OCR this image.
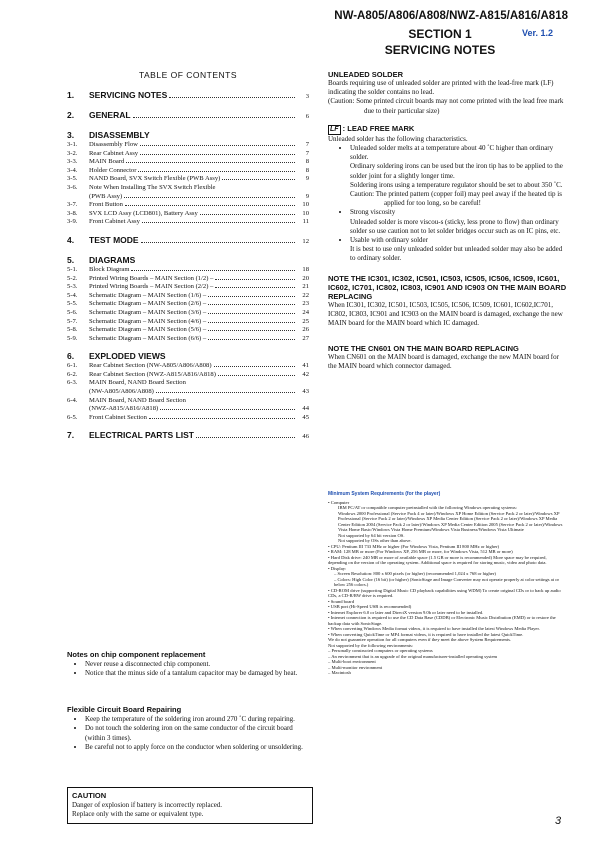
NW-A805/A806/A808/NWZ-A815/A816/A818
SECTION 1	Ver. 1.2
SERVICING NOTES
TABLE OF CONTENTS
1.	SERVICING NOTES	3
2.	GENERAL	6
3.	DISASSEMBLY
3-1.	Disassembly Flow	7
3-2.	Rear Cabinet Assy	7
3-3.	MAIN Board	8
3-4.	Holder Connector	8
3-5.	NAND Board, SVX Switch Flexible (PWB Assy)	9
3-6.	Note When Installing The SVX Switch Flexible
(PWB Assy)	9
3-7.	Front Button	10
3-8.	SVX LCD Assy (LCD801), Battery Assy	10
3-9.	Front Cabinet Assy	11
4.	TEST MODE	12
5.	DIAGRAMS
5-1.	Block Diagram	18
5-2.	Printed Wiring Boards – MAIN Section (1/2) –	20
5-3.	Printed Wiring Boards – MAIN Section (2/2) –	21
5-4.	Schematic Diagram – MAIN Section (1/6) –	22
5-5.	Schematic Diagram – MAIN Section (2/6) –	23
5-6.	Schematic Diagram – MAIN Section (3/6) –	24
5-7.	Schematic Diagram – MAIN Section (4/6) –	25
5-8.	Schematic Diagram – MAIN Section (5/6) –	26
5-9.	Schematic Diagram – MAIN Section (6/6) –	27
6.	EXPLODED VIEWS
6-1.	Rear Cabinet Section (NW-A805/A806/A808)	41
6-2.	Rear Cabinet Section (NWZ-A815/A816/A818)	42
6-3.	MAIN Board, NAND Board Section
(NW-A805/A806/A808)	43
6-4.	MAIN Board, NAND Board Section
(NWZ-A815/A816/A818)	44
6-5.	Front Cabinet Section	45
7.	ELECTRICAL PARTS LIST	46
Notes on chip component replacement
• Never reuse a disconnected chip component.
• Notice that the minus side of a tantalum capacitor may be damaged by heat.
Flexible Circuit Board Repairing
• Keep the temperature of the soldering iron around 270 ˚C during repairing.
• Do not touch the soldering iron on the same conductor of the circuit board (within 3 times).
• Be careful not to apply force on the conductor when soldering or unsoldering.
CAUTION
Danger of explosion if battery is incorrectly replaced.
Replace only with the same or equivalent type.
UNLEADED SOLDER

Boards requiring use of unleaded solder are printed with the lead-free mark (LF) indicating the solder contains no lead.

(Caution: Some printed circuit boards may not come printed with the lead free mark due to their particular size)

LF : LEAD FREE MARK

Unleaded solder has the following characteristics.

• Unleaded solder melts at a temperature about 40 ˚C higher than ordinary solder.
Ordinary soldering irons can be used but the iron tip has to be applied to the solder joint for a slightly longer time.
Soldering irons using a temperature regulator should be set to about 350 ˚C.
Caution: The printed pattern (copper foil) may peel away if the heated tip is applied for too long, so be careful!
• Strong viscosity
Unleaded solder is more viscou-s (sticky, less prone to flow) than ordinary solder so use caution not to let solder bridges occur such as on IC pins, etc.
• Usable with ordinary solder
It is best to use only unleaded solder but unleaded solder may also be added to ordinary solder.
NOTE THE IC301, IC302, IC501, IC503, IC505, IC506, IC509, IC601, IC602, IC701, IC802, IC803, IC901 AND IC903 ON THE MAIN BOARD REPLACING

When IC301, IC302, IC501, IC503, IC505, IC506, IC509, IC601, IC602,IC701, IC802, IC803, IC901 and IC903 on the MAIN board is damaged, exchange the new MAIN board for the MAIN board which IC damaged.

NOTE THE CN601 ON THE MAIN BOARD REPLACING

When CN601 on the MAIN board is damaged, exchange the new MAIN board for the MAIN board which connector damaged.

Minimum System Requirements (for the player)
• Computer
IBM PC/AT or compatible computer preinstalled with the following Windows operating systems:
Windows 2000 Professional (Service Pack 4 or later)/Windows XP Home Edition (Service Pack 2 or later)/Windows XP Professional (Service Pack 2 or later)/Windows XP Media Center Edition (Service Pack 2 or later)/Windows XP Media Center Edition 2004 (Service Pack 2 or later)/Windows XP Media Center Edition 2005 (Service Pack 2 or later)/Windows Vista Home Basic/Windows Vista Home Premium/Windows Vista Business/Windows Vista Ultimate
Not supported by 64 bit version OS.
Not supported by OSs other than above.
• CPU: Pentium III 733 MHz or higher (For Windows Vista, Pentium III 800 MHz or higher)
• RAM: 128 MB or more (For Windows XP, 256 MB or more, for Windows Vista, 512 MB or more)
• Hard Disk drive: 240 MB or more of available space (1.5 GB or more is recommended) More space may be required, depending on the version of the operating system. Additional space is required for storing music, video and photo data.
• Display:
– Screen Resolution: 800 x 600 pixels (or higher) (recommended 1,024 x 768 or higher)
– Colors: High Color (16 bit) (or higher) (SonicStage and Image Converter may not operate properly at color settings at or below 256 colors.)
• CD-ROM drive (supporting Digital Music CD playback capabilities using WDM) To create original CDs or to back up audio CDs, a CD-R/RW drive is required.
• Sound board
• USB port (Hi-Speed USB is recommended)
• Internet Explorer 6.0 or later and DirectX version 9.0b or later need to be installed.
• Internet connection is required to use the CD Data Base (CDDB) or Electronic Music Distribution (EMD) or to restore the backup data with SonicStage.
• When converting Windows Media format videos, it is required to have installed the latest Windows Media Player.
• When converting QuickTime or MP4 format videos, it is required to have installed the latest QuickTime.
We do not guarantee operation for all computers even if they meet the above System Requirements.
Not supported by the following environments:
– Personally constructed computers or operating systems
– An environment that is an upgrade of the original manufacturer-installed operating system
– Multi-boot environment
– Multi-monitor environment
– Macintosh
3
